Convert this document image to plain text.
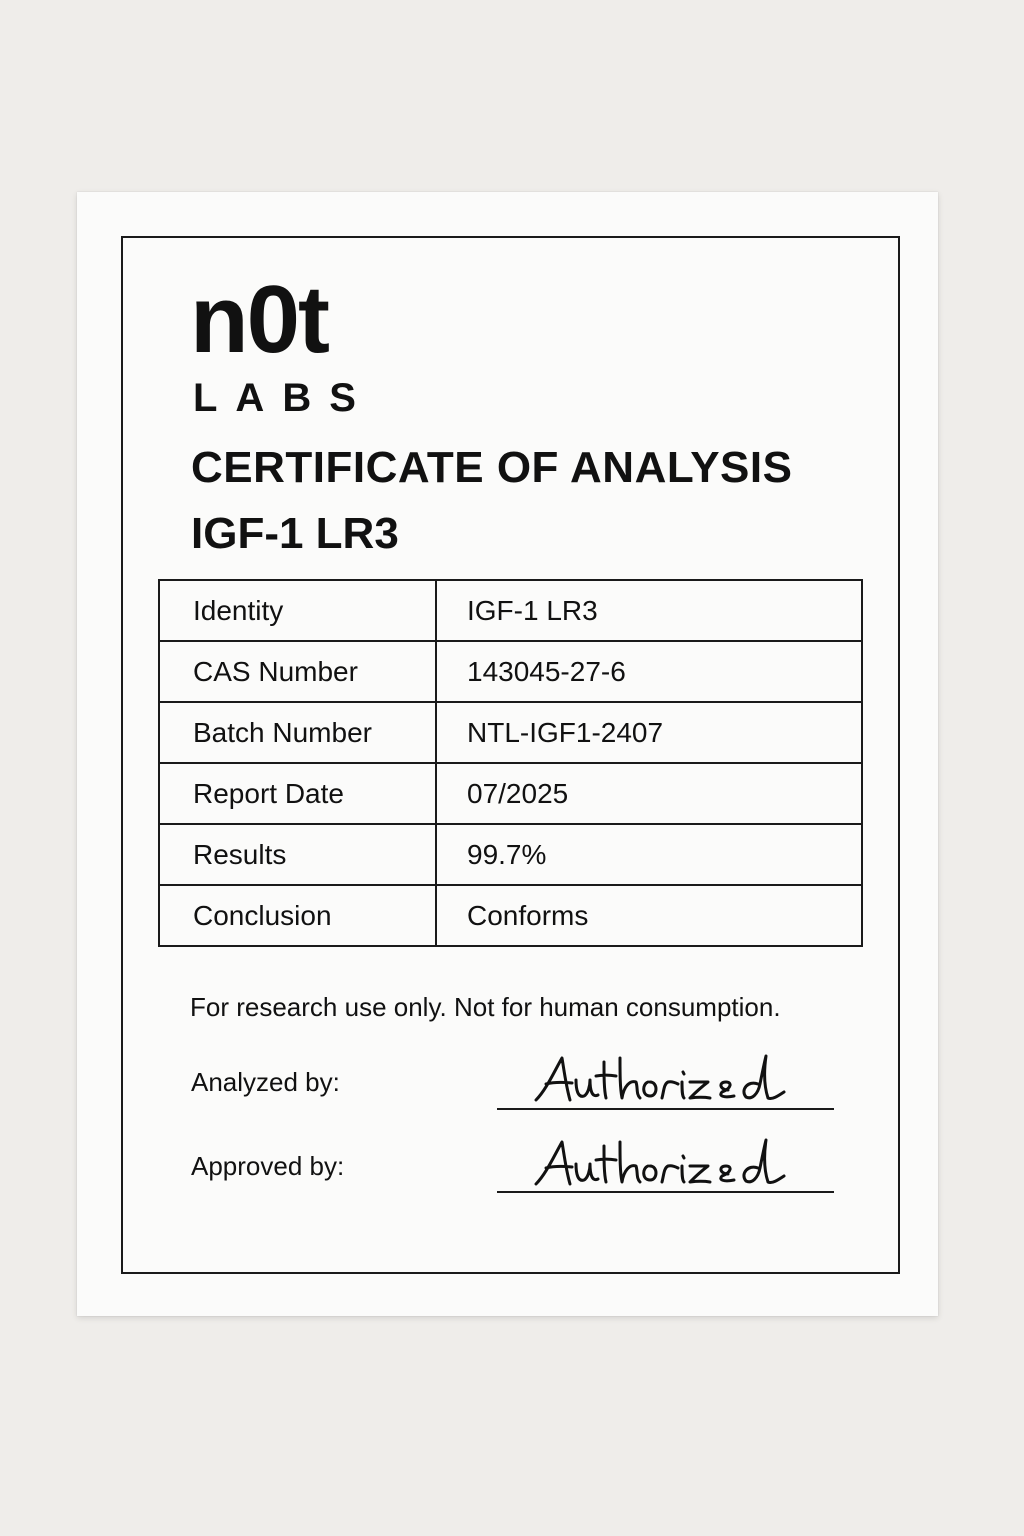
n0t
LABS
CERTIFICATE OF ANALYSIS
IGF-1 LR3
Identity	IGF-1 LR3
CAS Number	143045-27-6
Batch Number	NTL-IGF1-2407
Report Date	07/2025
Results	99.7%
Conclusion	Conforms
For research use only. Not for human consumption.
Analyzed by:
Approved by:
